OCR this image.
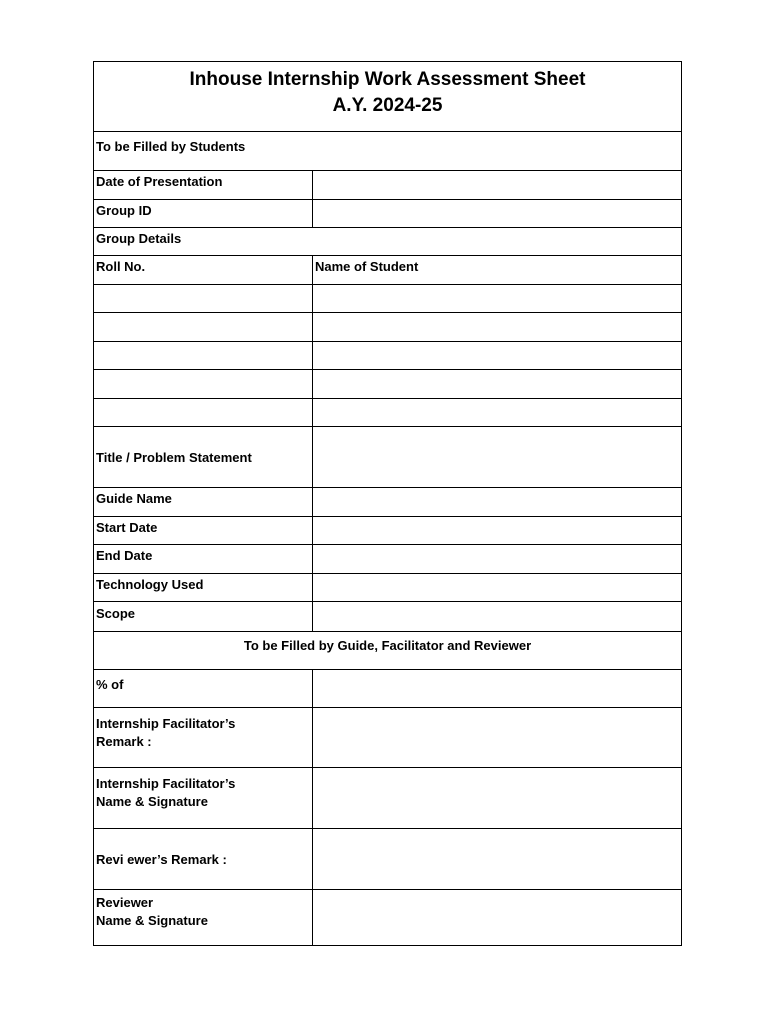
Inhouse Internship Work Assessment Sheet
A.Y. 2024-25
To be Filled by Students
Date of Presentation
Group ID
Group Details
Roll No.	Name of Student
Title / Problem Statement
Guide Name
Start Date
End Date
Technology Used
Scope
To be Filled by Guide, Facilitator and Reviewer
% of
Internship Facilitator’s
Remark :
Internship Facilitator’s
Name & Signature
Revi ewer’s Remark :
Reviewer
Name & Signature
